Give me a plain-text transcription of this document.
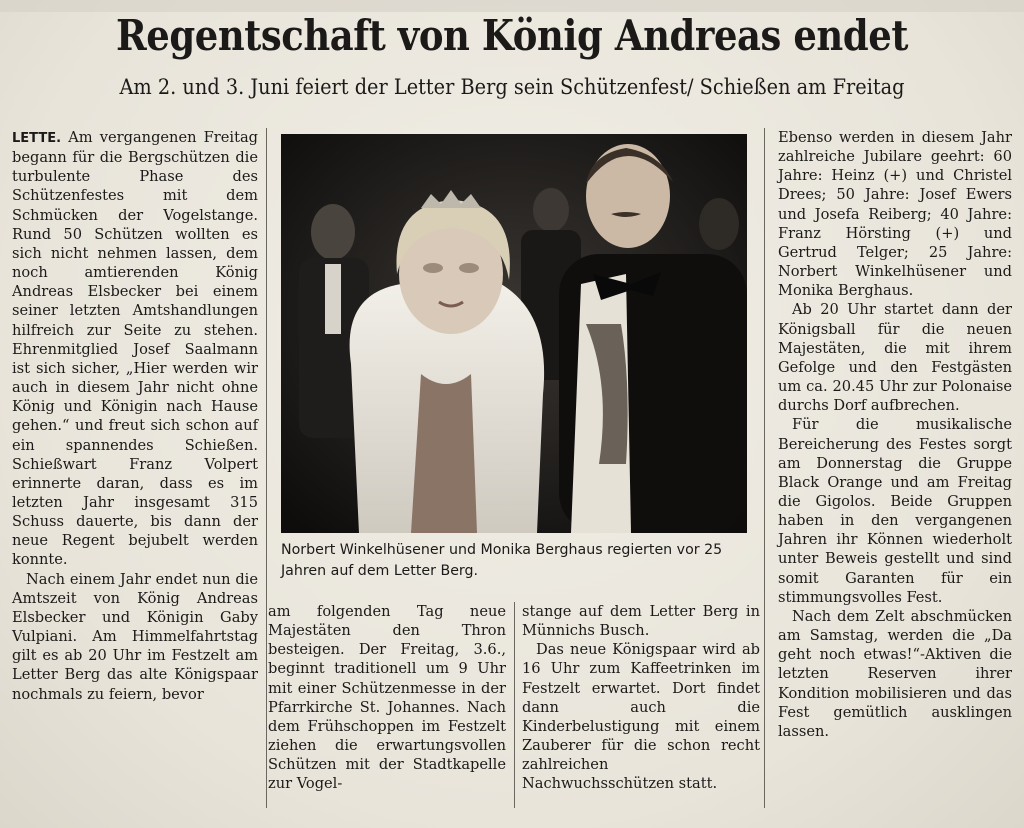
Regentschaft von König Andreas endet
Am 2. und 3. Juni feiert der Letter Berg sein Schützenfest/ Schießen am Freitag

LETTE. Am vergangenen Freitag begann für die Bergschützen die turbulente Phase des Schützenfestes mit dem Schmücken der Vogelstange. Rund 50 Schützen wollten es sich nicht nehmen lassen, dem noch amtierenden König Andreas Elsbecker bei einem seiner letzten Amtshandlungen hilfreich zur Seite zu stehen. Ehrenmitglied Josef Saalmann ist sich sicher, „Hier werden wir auch in diesem Jahr nicht ohne König und Königin nach Hause gehen.“ und freut sich schon auf ein spannendes Schießen. Schießwart Franz Volpert erinnerte daran, dass es im letzten Jahr insgesamt 315 Schuss dauerte, bis dann der neue Regent bejubelt werden konnte.

Nach einem Jahr endet nun die Amtszeit von König Andreas Elsbecker und Königin Gaby Vulpiani. Am Himmelfahrtstag gilt es ab 20 Uhr im Festzelt am Letter Berg das alte Königspaar nochmals zu feiern, bevor

Norbert Winkelhüsener und Monika Berghaus regierten vor 25 Jahren auf dem Letter Berg.

am folgenden Tag neue Majestäten den Thron besteigen. Der Freitag, 3.6., beginnt traditionell um 9 Uhr mit einer Schützenmesse in der Pfarrkirche St. Johannes. Nach dem Frühschoppen im Festzelt ziehen die erwartungsvollen Schützen mit der Stadtkapelle zur Vogel-

stange auf dem Letter Berg in Münnichs Busch.

Das neue Königspaar wird ab 16 Uhr zum Kaffeetrinken im Festzelt erwartet. Dort findet dann auch die Kinderbelustigung mit einem Zauberer für die schon recht zahlreichen Nachwuchsschützen statt.

Ebenso werden in diesem Jahr zahlreiche Jubilare geehrt: 60 Jahre: Heinz (+) und Christel Drees; 50 Jahre: Josef Ewers und Josefa Reiberg; 40 Jahre: Franz Hörsting (+) und Gertrud Telger; 25 Jahre: Norbert Winkelhüsener und Monika Berghaus.

Ab 20 Uhr startet dann der Königsball für die neuen Majestäten, die mit ihrem Gefolge und den Festgästen um ca. 20.45 Uhr zur Polonaise durchs Dorf aufbrechen.

Für die musikalische Bereicherung des Festes sorgt am Donnerstag die Gruppe Black Orange und am Freitag die Gigolos. Beide Gruppen haben in den vergangenen Jahren ihr Können wiederholt unter Beweis gestellt und sind somit Garanten für ein stimmungsvolles Fest.

Nach dem Zelt abschmücken am Samstag, werden die „Da geht noch etwas!“-Aktiven die letzten Reserven ihrer Kondition mobilisieren und das Fest gemütlich ausklingen lassen.
